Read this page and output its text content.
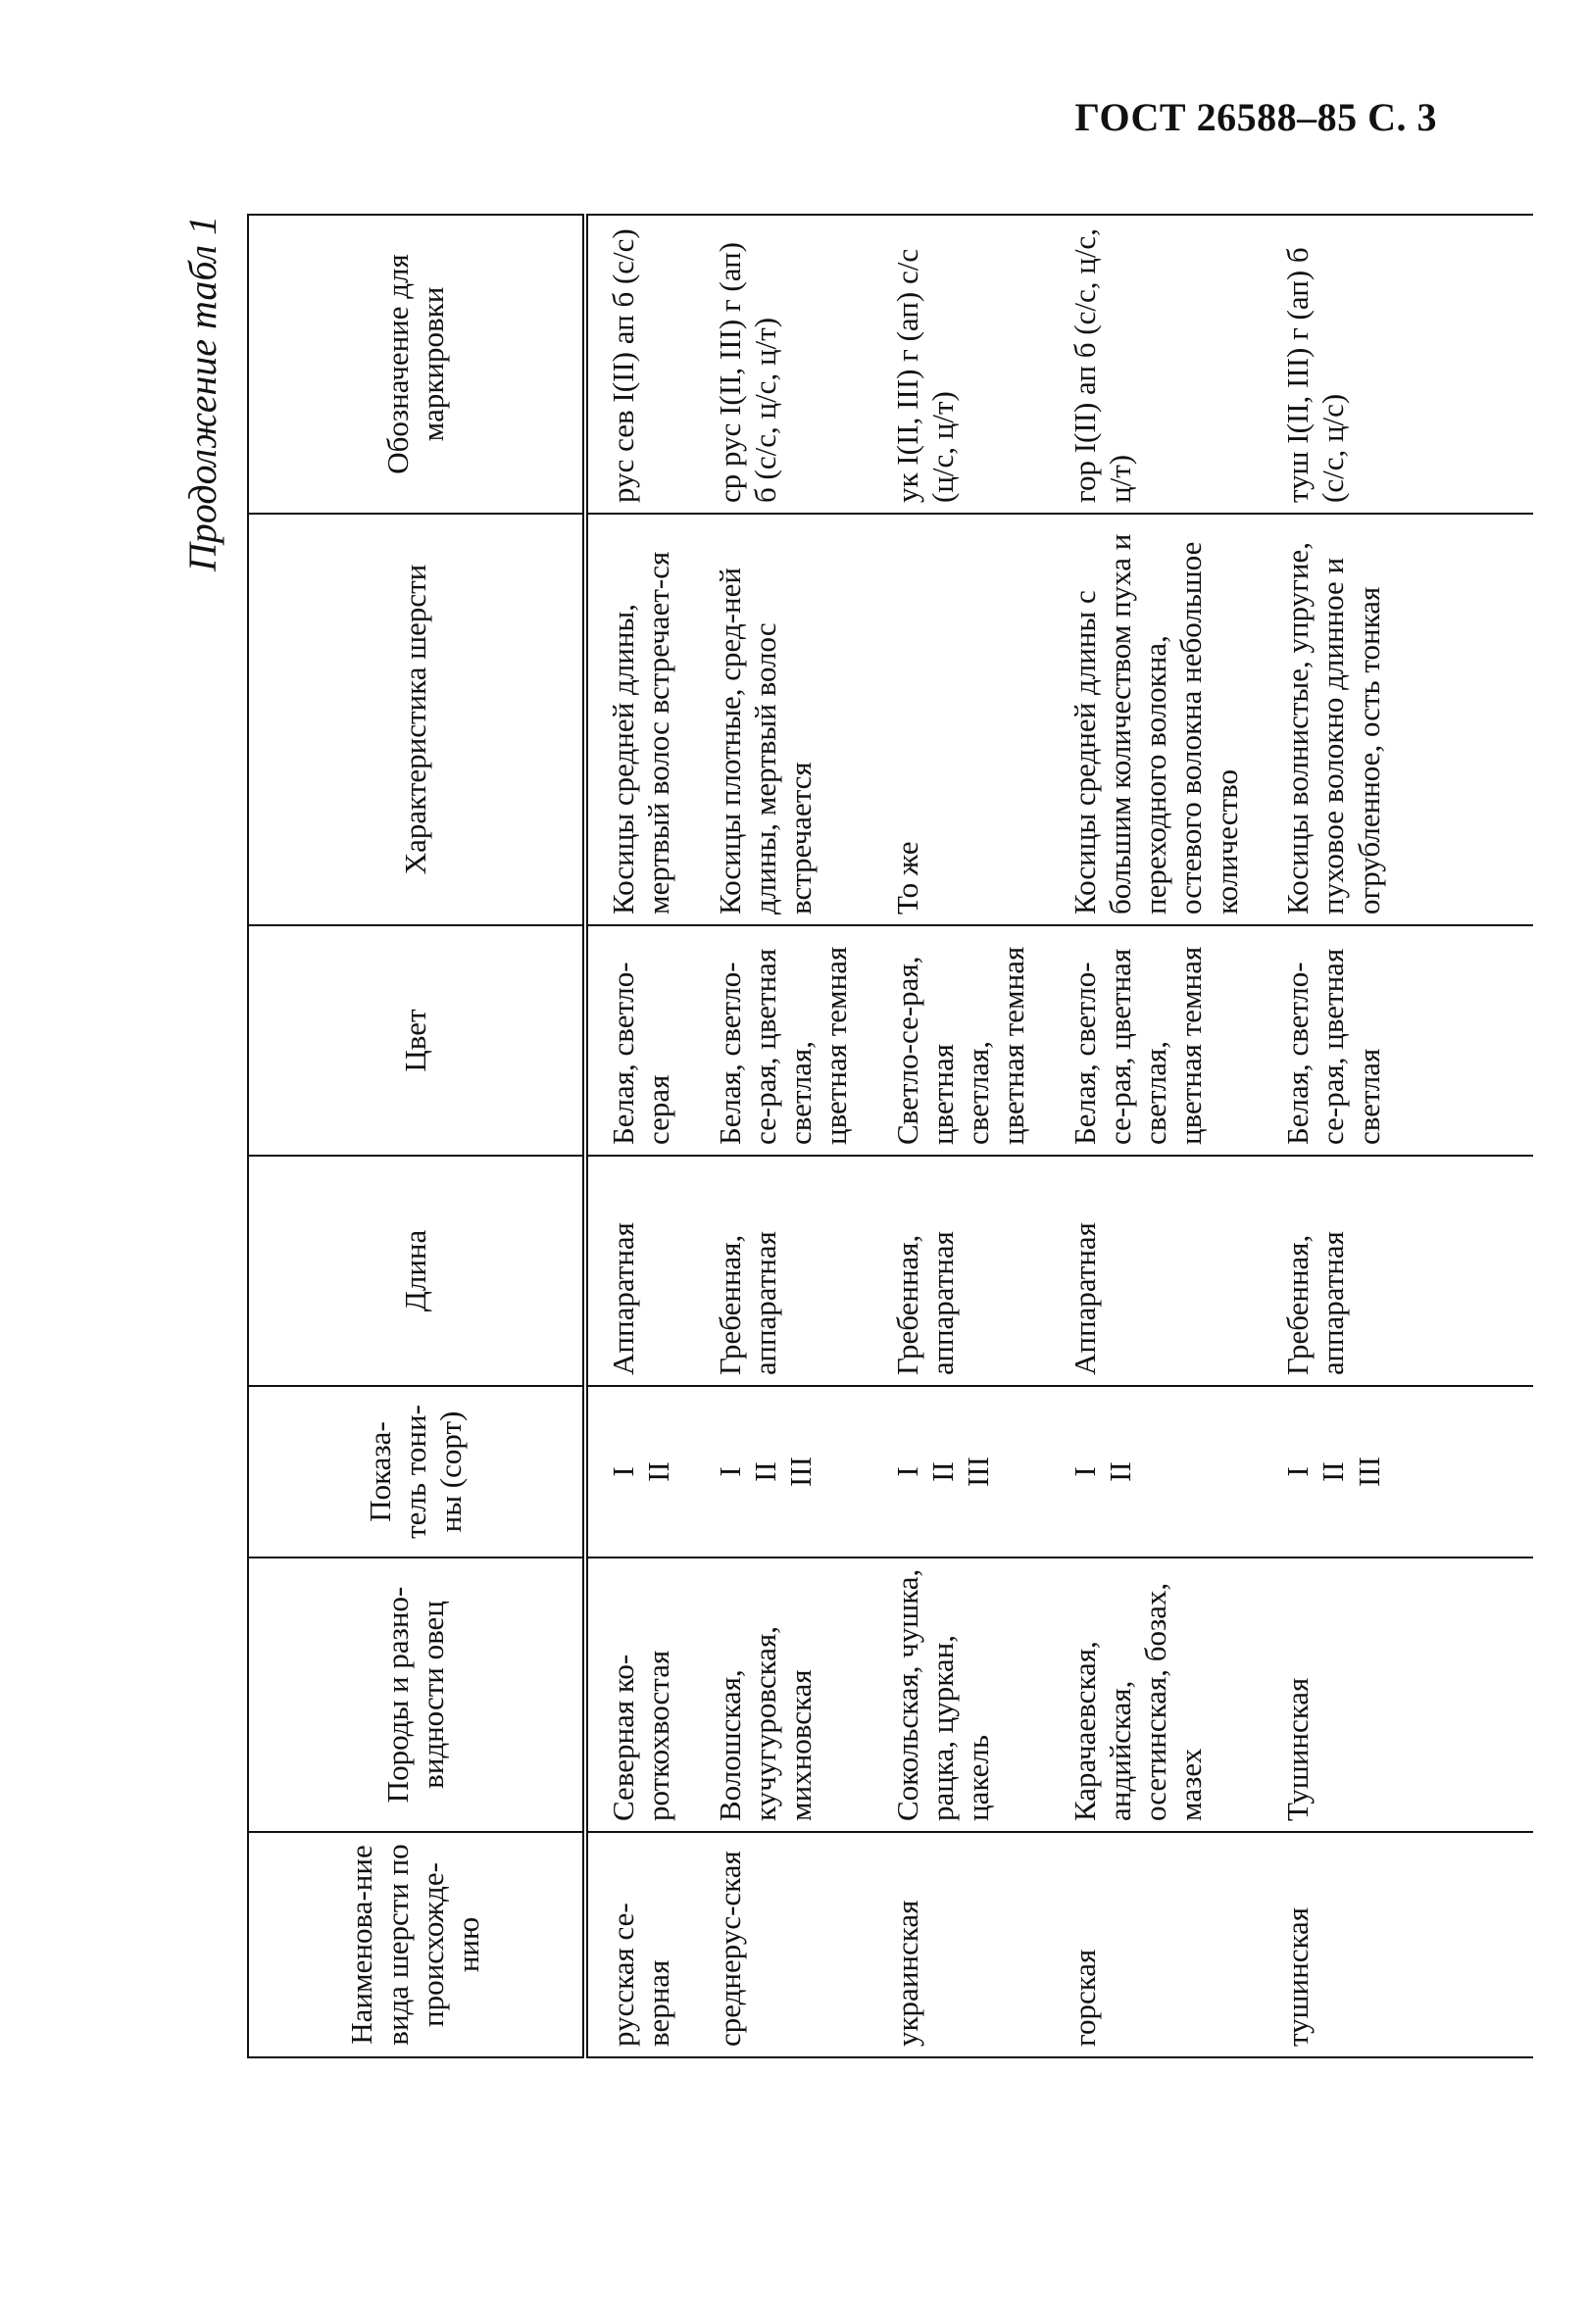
ГОСТ 26588–85 С. 3
Продолжение табл 1
Наименова-ние вида шерсти по происхожде-нию	Породы и разно-видности овец	Показа-тель тони-ны (сорт)	Длина	Цвет	Характеристика шерсти	Обозначение для маркировки
русская се-верная	Северная ко-роткохвостая	I II	Аппаратная	Белая, светло-серая	Косицы средней длины, мертвый волос встречает-ся	рус сев I(II) ап б (с/с)
среднерус-ская	Волошская, кучугуровская, михновская	I II III	Гребенная, аппаратная	Белая, светло-се-рая, цветная светлая, цветная темная	Косицы плотные, сред-ней длины, мертвый волос встречается	ср рус I(II, III) г (ап) б (с/с, ц/с, ц/т)
украинская	Сокольская, чушка, рацка, цуркан, цакель	I II III	Гребенная, аппаратная	Светло-се-рая, цветная светлая, цветная темная	То же	ук I(II, III) г (ап) с/с (ц/с, ц/т)
горская	Карачаевская, андийская, осетинская, бозах, мазех	I II	Аппаратная	Белая, светло-се-рая, цветная светлая, цветная темная	Косицы средней длины с большим количеством пуха и переходного волокна, остевого волокна небольшое количество	гор I(II) ап б (с/с, ц/с, ц/т)
тушинская	Тушинская	I II III	Гребенная, аппаратная	Белая, светло-се-рая, цветная светлая	Косицы волнистые, упругие, пуховое волокно длинное и огрубленное, ость тонкая	туш I(II, III) г (ап) б (с/с, ц/с)
